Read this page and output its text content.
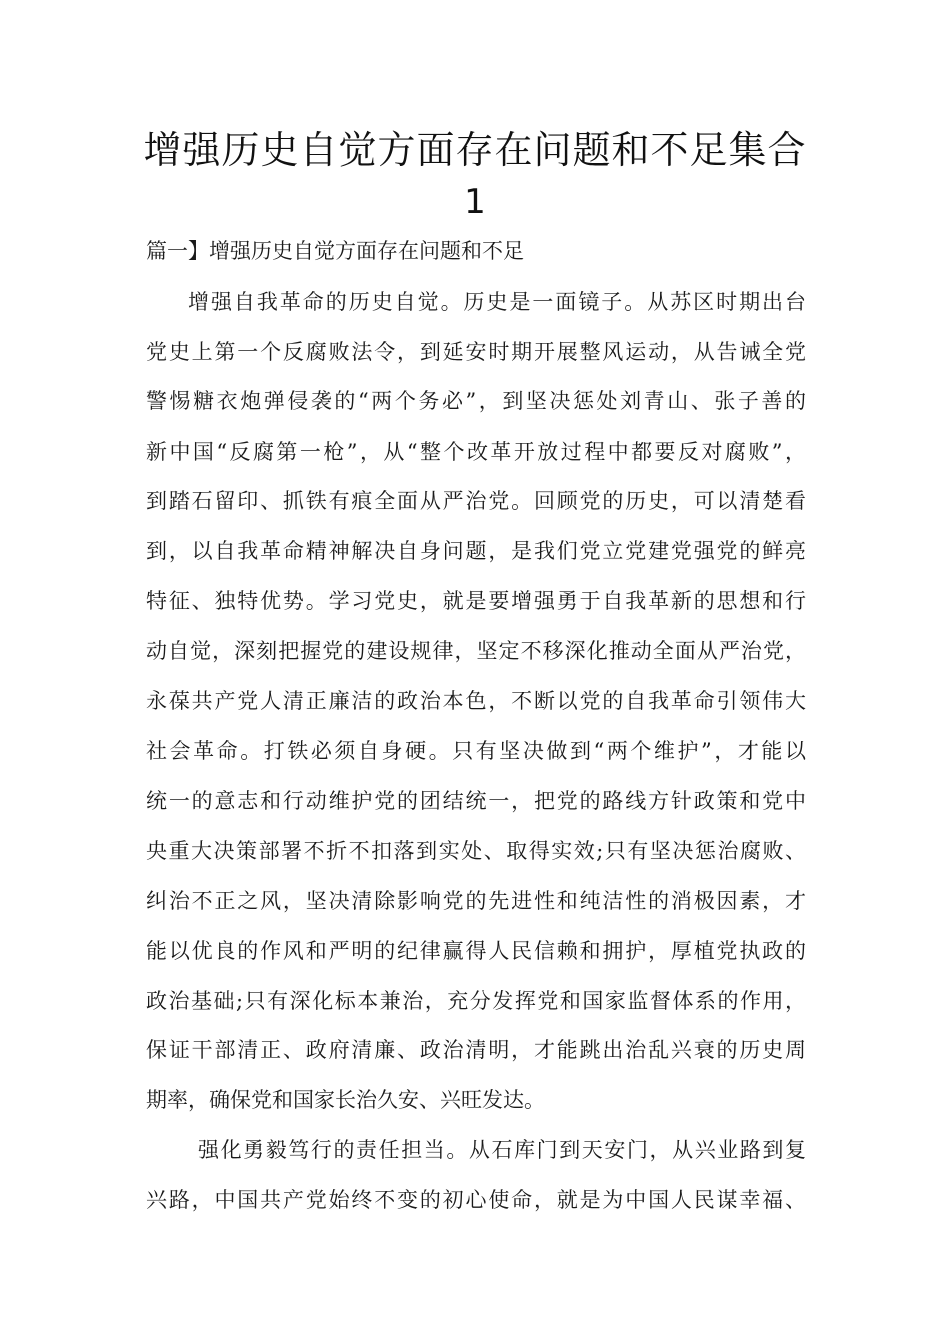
增强历史自觉方面存在问题和不足集合
1
篇一】增强历史自觉方面存在问题和不足
增强自我革命的历史自觉。历史是一面镜子。从苏区时期出台
党史上第一个反腐败法令，到延安时期开展整风运动，从告诫全党
警惕糖衣炮弹侵袭的“两个务必”，到坚决惩处刘青山、张子善的
新中国“反腐第一枪”，从“整个改革开放过程中都要反对腐败”，
到踏石留印、抓铁有痕全面从严治党。回顾党的历史，可以清楚看
到，以自我革命精神解决自身问题，是我们党立党建党强党的鲜亮
特征、独特优势。学习党史，就是要增强勇于自我革新的思想和行
动自觉，深刻把握党的建设规律，坚定不移深化推动全面从严治党，
永葆共产党人清正廉洁的政治本色，不断以党的自我革命引领伟大
社会革命。打铁必须自身硬。只有坚决做到“两个维护”，才能以
统一的意志和行动维护党的团结统一，把党的路线方针政策和党中
央重大决策部署不折不扣落到实处、取得实效;只有坚决惩治腐败、
纠治不正之风，坚决清除影响党的先进性和纯洁性的消极因素，才
能以优良的作风和严明的纪律赢得人民信赖和拥护，厚植党执政的
政治基础;只有深化标本兼治，充分发挥党和国家监督体系的作用，
保证干部清正、政府清廉、政治清明，才能跳出治乱兴衰的历史周
期率，确保党和国家长治久安、兴旺发达。
强化勇毅笃行的责任担当。从石库门到天安门，从兴业路到复
兴路，中国共产党始终不变的初心使命，就是为中国人民谋幸福、
